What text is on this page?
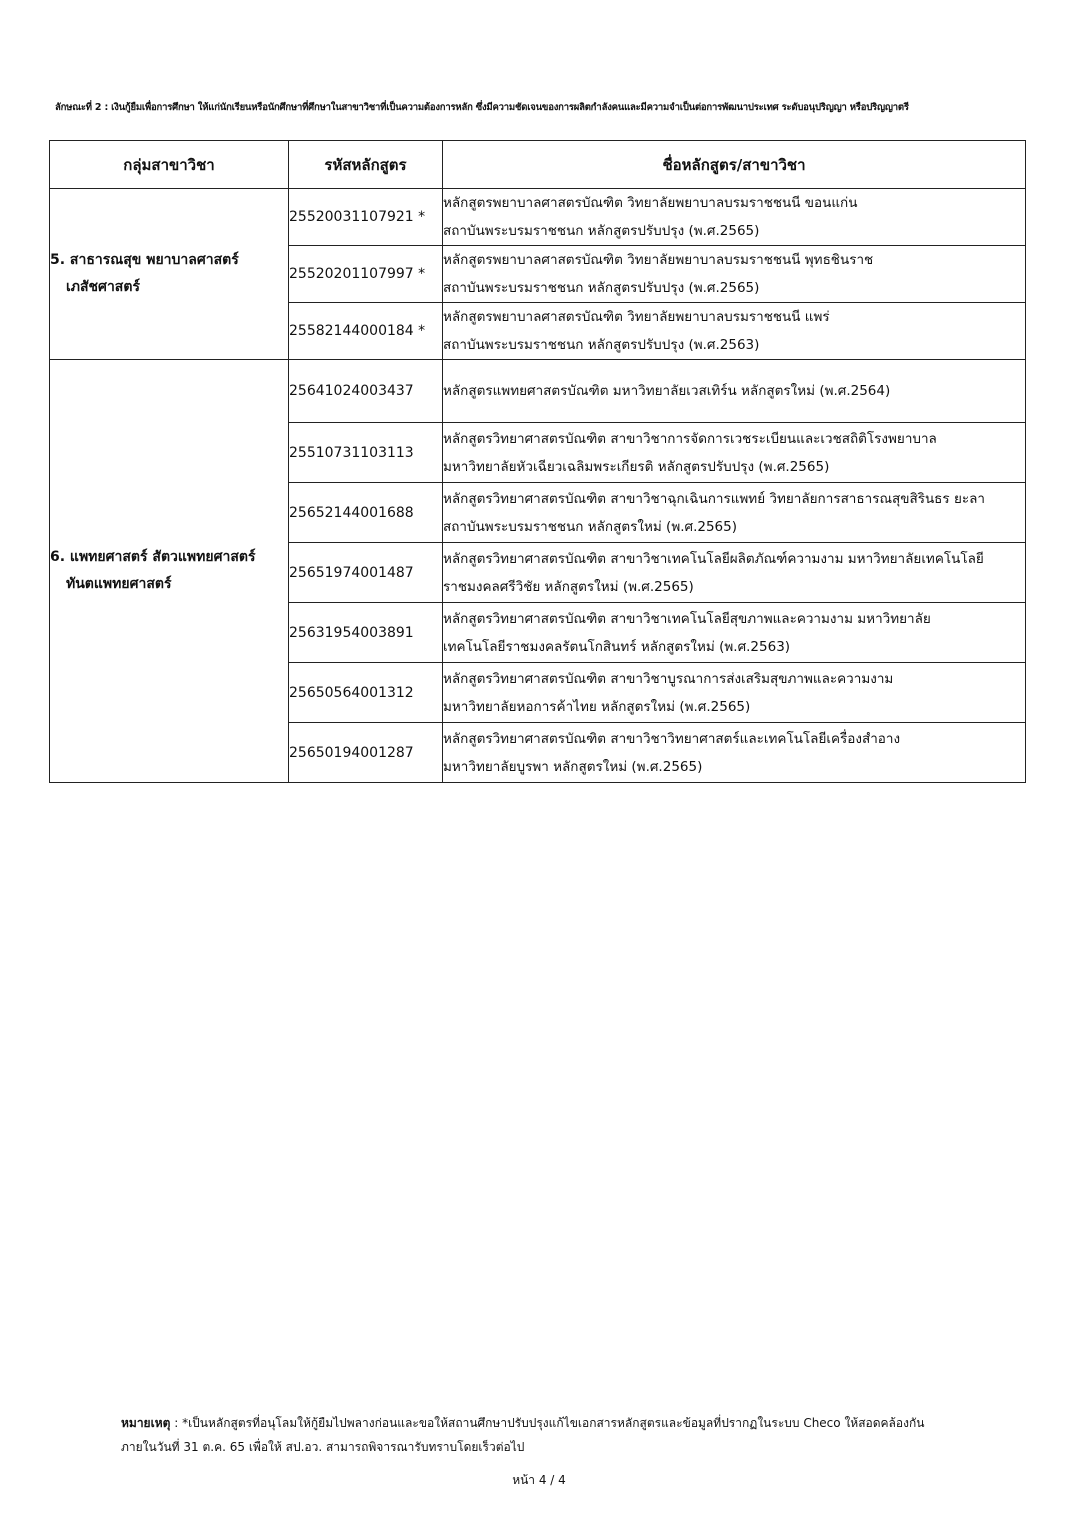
ลักษณะที่ 2 : เงินกู้ยืมเพื่อการศึกษา ให้แก่นักเรียนหรือนักศึกษาที่ศึกษาในสาขาวิชาที่เป็นความต้องการหลัก ซึ่งมีความชัดเจนของการผลิตกำลังคนและมีความจำเป็นต่อการพัฒนาประเทศ ระดับอนุปริญญา หรือปริญญาตรี
กลุ่มสาขาวิชา	รหัสหลักสูตร	ชื่อหลักสูตร/สาขาวิชา
5. สาธารณสุข พยาบาลศาสตร์
เภสัชศาสตร์	25520031107921 *	หลักสูตรพยาบาลศาสตรบัณฑิต วิทยาลัยพยาบาลบรมราชชนนี ขอนแก่น
สถาบันพระบรมราชชนก หลักสูตรปรับปรุง (พ.ศ.2565)

	25520201107997 *	หลักสูตรพยาบาลศาสตรบัณฑิต วิทยาลัยพยาบาลบรมราชชนนี พุทธชินราช
สถาบันพระบรมราชชนก หลักสูตรปรับปรุง (พ.ศ.2565)

	25582144000184 *	หลักสูตรพยาบาลศาสตรบัณฑิต วิทยาลัยพยาบาลบรมราชชนนี แพร่
สถาบันพระบรมราชชนก หลักสูตรปรับปรุง (พ.ศ.2563)

6. แพทยศาสตร์ สัตวแพทยศาสตร์
ทันตแพทยศาสตร์	25641024003437	หลักสูตรแพทยศาสตรบัณฑิต มหาวิทยาลัยเวสเทิร์น หลักสูตรใหม่ (พ.ศ.2564)

	25510731103113	หลักสูตรวิทยาศาสตรบัณฑิต สาขาวิชาการจัดการเวชระเบียนและเวชสถิติโรงพยาบาล
มหาวิทยาลัยหัวเฉียวเฉลิมพระเกียรติ หลักสูตรปรับปรุง (พ.ศ.2565)

	25652144001688	หลักสูตรวิทยาศาสตรบัณฑิต สาขาวิชาฉุกเฉินการแพทย์ วิทยาลัยการสาธารณสุขสิรินธร ยะลา
สถาบันพระบรมราชชนก หลักสูตรใหม่ (พ.ศ.2565)

	25651974001487	หลักสูตรวิทยาศาสตรบัณฑิต สาขาวิชาเทคโนโลยีผลิตภัณฑ์ความงาม มหาวิทยาลัยเทคโนโลยี
ราชมงคลศรีวิชัย หลักสูตรใหม่ (พ.ศ.2565)

	25631954003891	หลักสูตรวิทยาศาสตรบัณฑิต สาขาวิชาเทคโนโลยีสุขภาพและความงาม มหาวิทยาลัย
เทคโนโลยีราชมงคลรัตนโกสินทร์ หลักสูตรใหม่ (พ.ศ.2563)

	25650564001312	หลักสูตรวิทยาศาสตรบัณฑิต สาขาวิชาบูรณาการส่งเสริมสุขภาพและความงาม
มหาวิทยาลัยหอการค้าไทย หลักสูตรใหม่ (พ.ศ.2565)

	25650194001287	หลักสูตรวิทยาศาสตรบัณฑิต สาขาวิชาวิทยาศาสตร์และเทคโนโลยีเครื่องสำอาง
มหาวิทยาลัยบูรพา หลักสูตรใหม่ (พ.ศ.2565)
หมายเหตุ : *เป็นหลักสูตรที่อนุโลมให้กู้ยืมไปพลางก่อนและขอให้สถานศึกษาปรับปรุงแก้ไขเอกสารหลักสูตรและข้อมูลที่ปรากฏในระบบ Checo ให้สอดคล้องกัน
ภายในวันที่ 31 ต.ค. 65 เพื่อให้ สป.อว. สามารถพิจารณารับทราบโดยเร็วต่อไป
หน้า 4 / 4
